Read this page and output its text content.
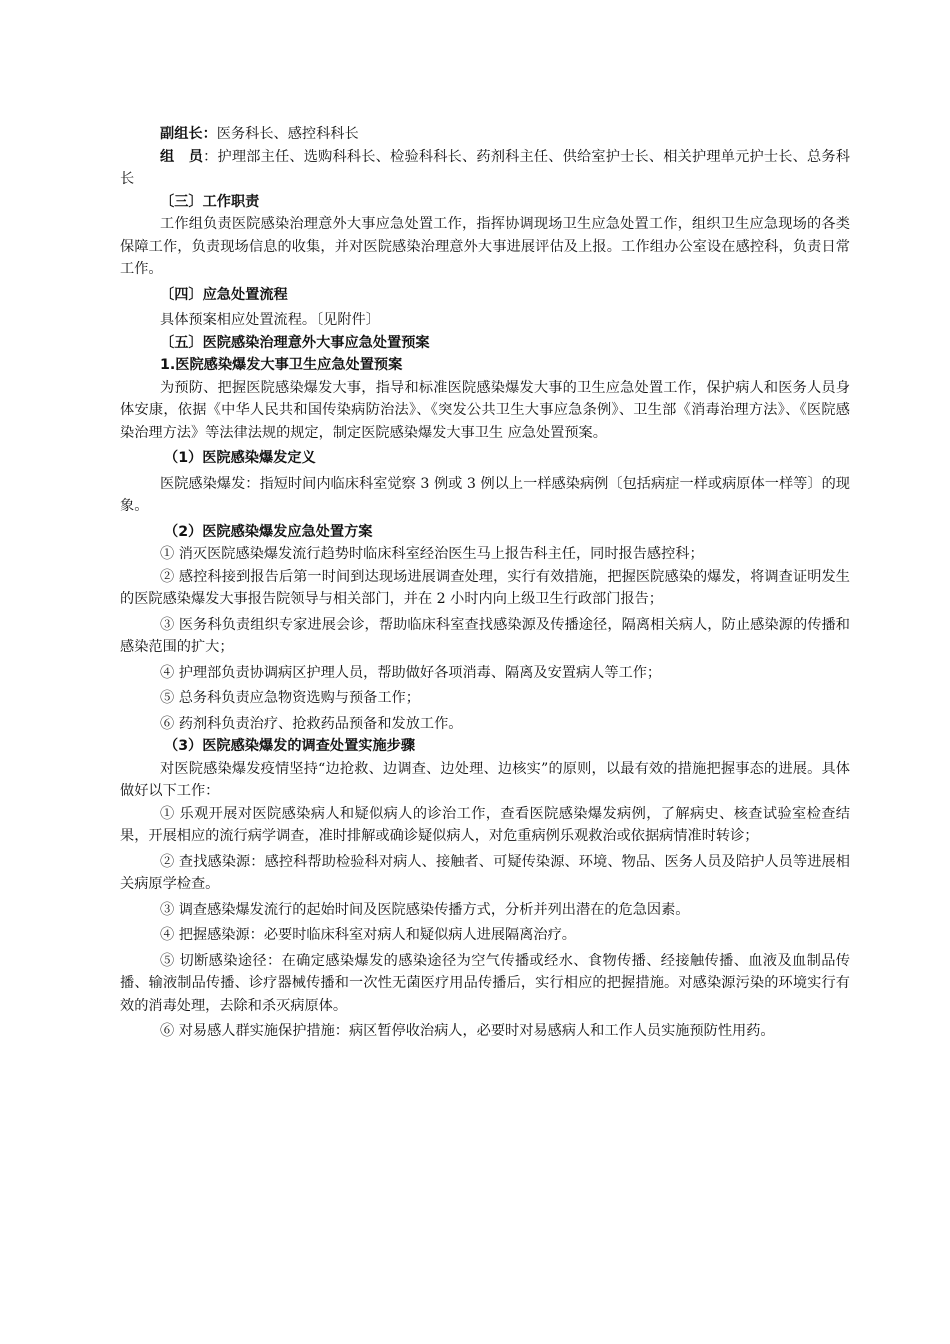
副组长：医务科长、感控科科长

组　员：护理部主任、选购科科长、检验科科长、药剂科主任、供给室护士长、相关护理单元护士长、总务科长

〔三〕工作职责

工作组负责医院感染治理意外大事应急处置工作，指挥协调现场卫生应急处置工作，组织卫生应急现场的各类保障工作，负责现场信息的收集，并对医院感染治理意外大事进展评估及上报。工作组办公室设在感控科，负责日常工作。

〔四〕应急处置流程

具体预案相应处置流程。〔见附件〕

〔五〕医院感染治理意外大事应急处置预案

1.医院感染爆发大事卫生应急处置预案

为预防、把握医院感染爆发大事，指导和标准医院感染爆发大事的卫生应急处置工作，保护病人和医务人员身体安康，依据《中华人民共和国传染病防治法》、《突发公共卫生大事应急条例》、卫生部《消毒治理方法》、《医院感染治理方法》等法律法规的规定，制定医院感染爆发大事卫生 应急处置预案。

（1）医院感染爆发定义

医院感染爆发：指短时间内临床科室觉察 3 例或 3 例以上一样感染病例〔包括病症一样或病原体一样等〕的现象。

（2）医院感染爆发应急处置方案

① 消灭医院感染爆发流行趋势时临床科室经治医生马上报告科主任，同时报告感控科；

② 感控科接到报告后第一时间到达现场进展调查处理，实行有效措施，把握医院感染的爆发，将调查证明发生的医院感染爆发大事报告院领导与相关部门，并在 2 小时内向上级卫生行政部门报告；

③ 医务科负责组织专家进展会诊，帮助临床科室查找感染源及传播途径，隔离相关病人，防止感染源的传播和感染范围的扩大；

④ 护理部负责协调病区护理人员，帮助做好各项消毒、隔离及安置病人等工作；

⑤ 总务科负责应急物资选购与预备工作；

⑥ 药剂科负责治疗、抢救药品预备和发放工作。

（3）医院感染爆发的调查处置实施步骤

对医院感染爆发疫情坚持“边抢救、边调查、边处理、边核实”的原则，以最有效的措施把握事态的进展。具体做好以下工作：

① 乐观开展对医院感染病人和疑似病人的诊治工作，查看医院感染爆发病例，了解病史、核查试验室检查结果，开展相应的流行病学调查，准时排解或确诊疑似病人，对危重病例乐观救治或依据病情准时转诊；

② 查找感染源：感控科帮助检验科对病人、接触者、可疑传染源、环境、物品、医务人员及陪护人员等进展相关病原学检查。

③ 调查感染爆发流行的起始时间及医院感染传播方式，分析并列出潜在的危急因素。

④ 把握感染源：必要时临床科室对病人和疑似病人进展隔离治疗。

⑤ 切断感染途径：在确定感染爆发的感染途径为空气传播或经水、食物传播、经接触传播、血液及血制品传播、输液制品传播、诊疗器械传播和一次性无菌医疗用品传播后，实行相应的把握措施。对感染源污染的环境实行有效的消毒处理，去除和杀灭病原体。

⑥ 对易感人群实施保护措施：病区暂停收治病人，必要时对易感病人和工作人员实施预防性用药。
